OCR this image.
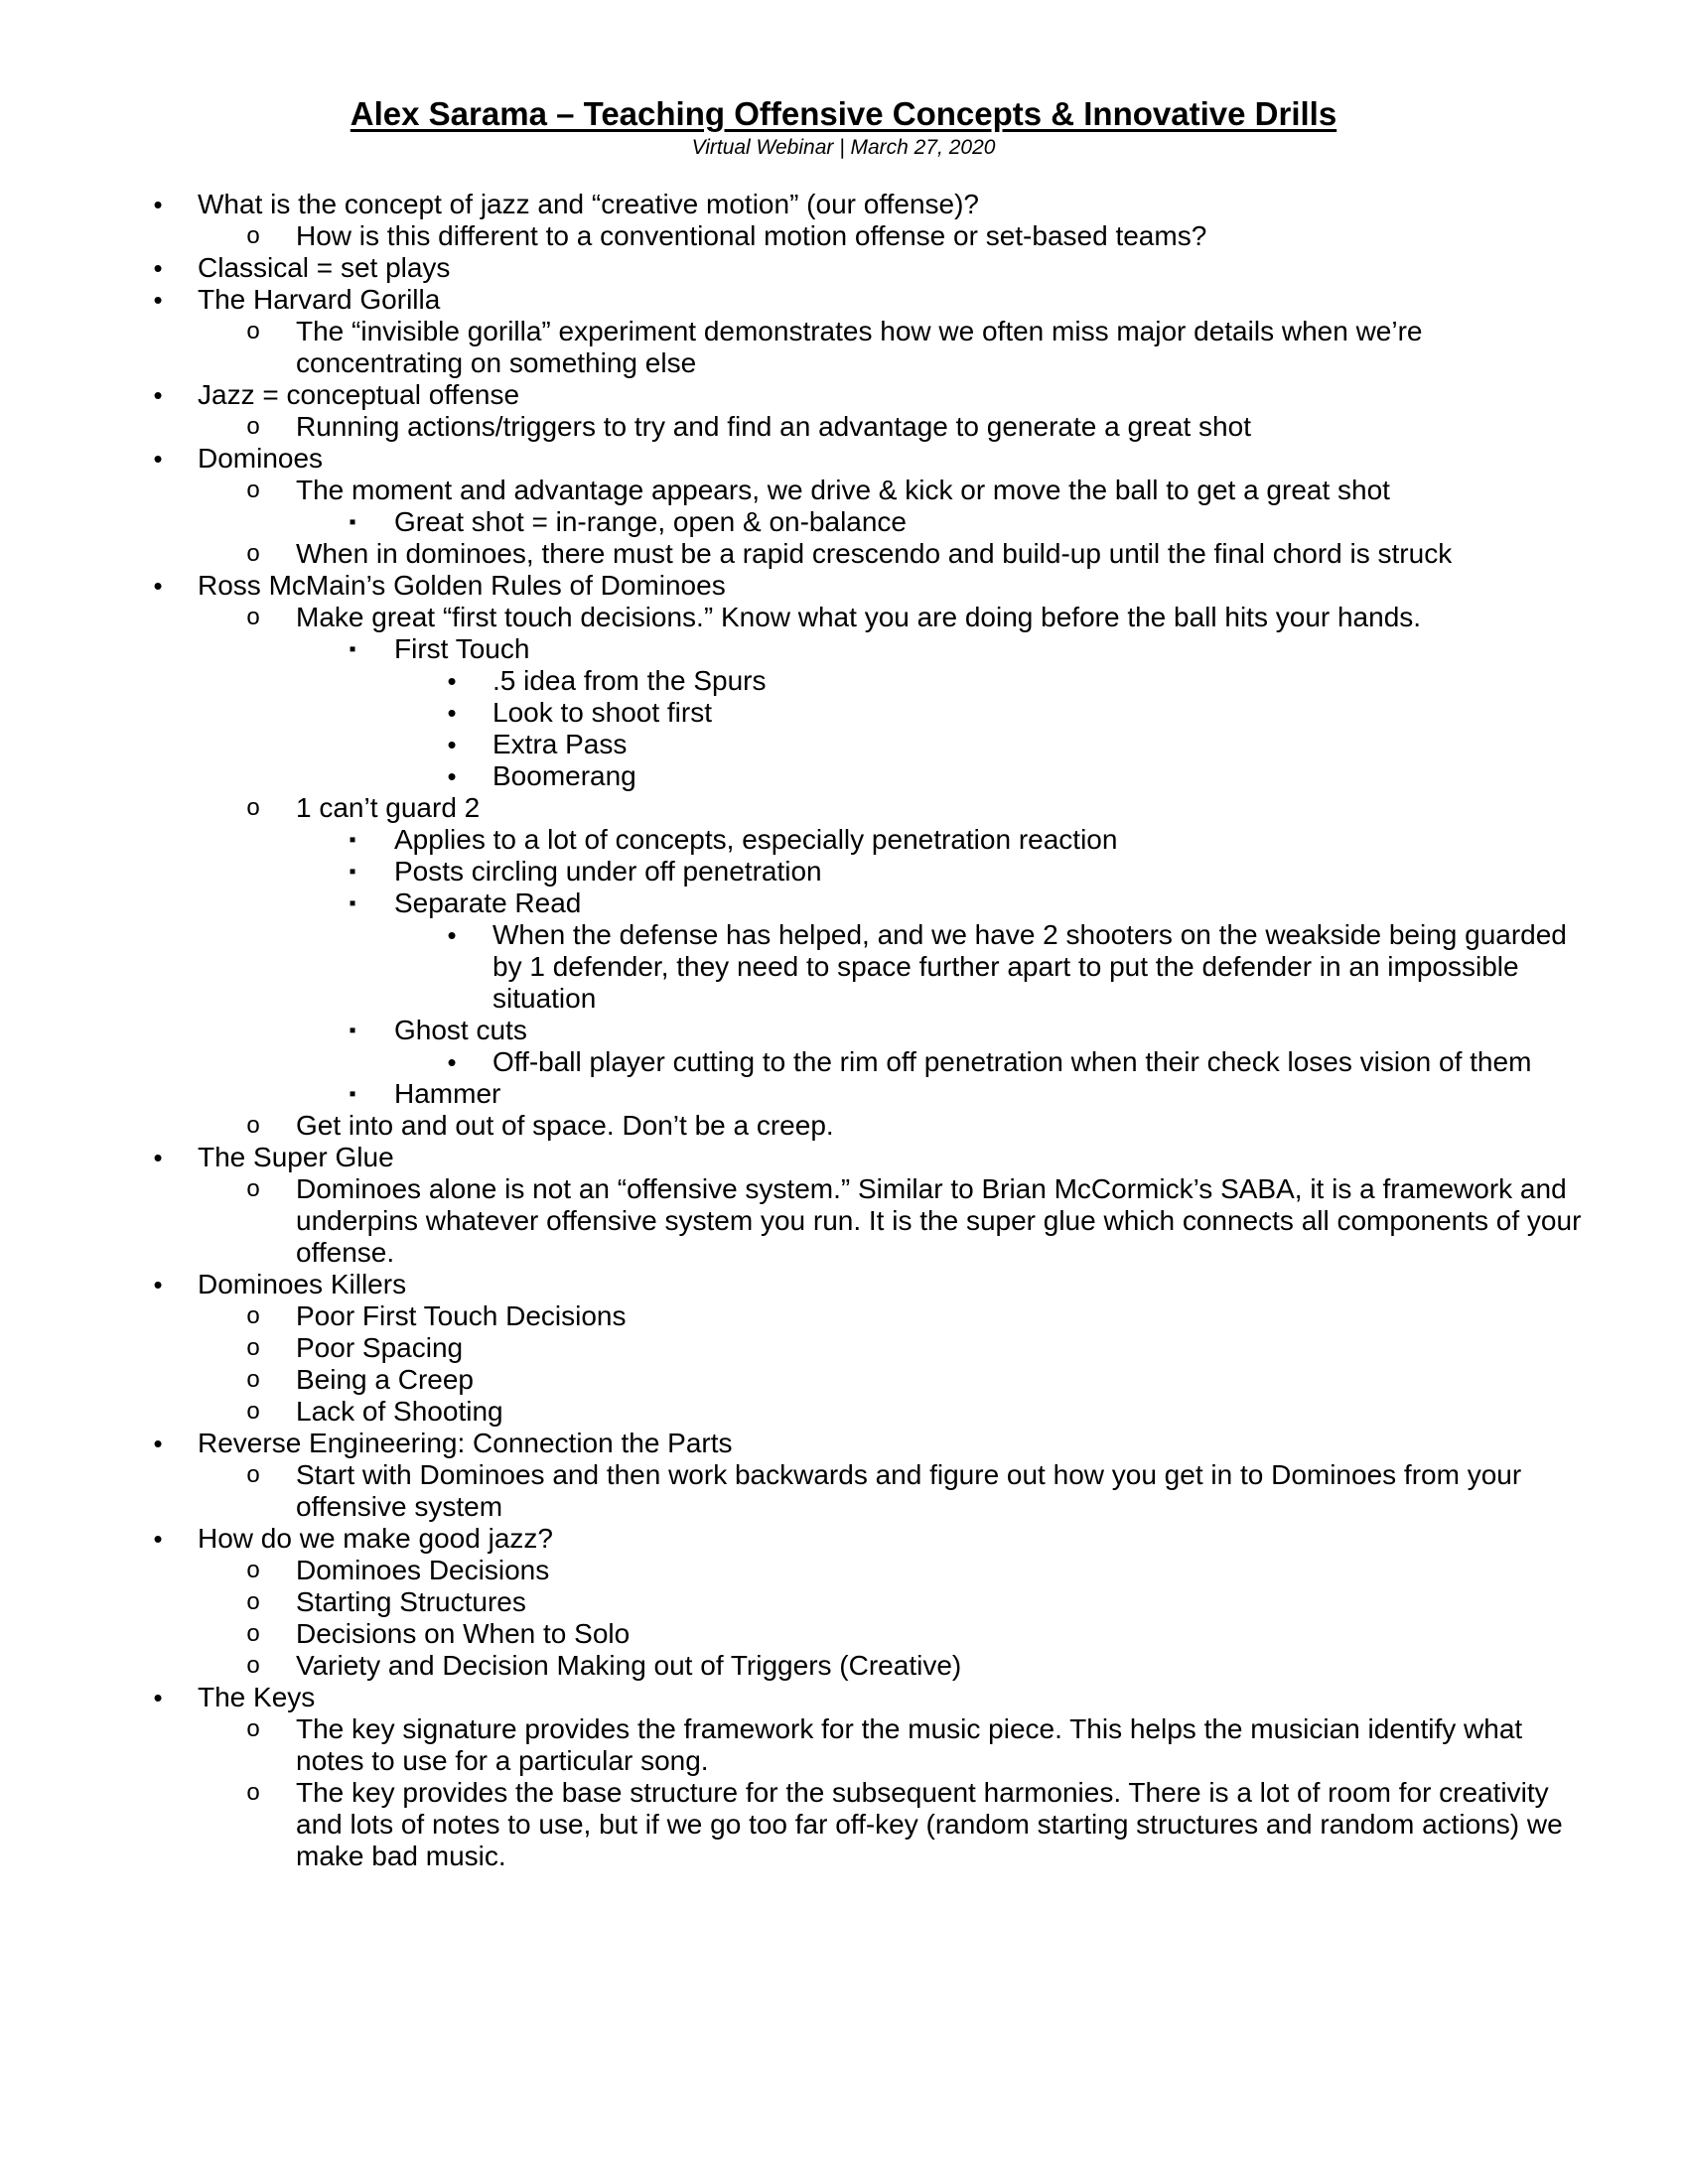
Alex Sarama – Teaching Offensive Concepts & Innovative Drills

Virtual Webinar | March 27, 2020

•	What is the concept of jazz and “creative motion” (our offense)?
o How is this different to a conventional motion offense or set-based teams?
•	Classical = set plays
•	The Harvard Gorilla
o The “invisible gorilla” experiment demonstrates how we often miss major details when we’re concentrating on something else
•	Jazz = conceptual offense
o Running actions/triggers to try and find an advantage to generate a great shot
•	Dominoes
o The moment and advantage appears, we drive & kick or move the ball to get a great shot
▪	Great shot = in-range, open & on-balance
o When in dominoes, there must be a rapid crescendo and build-up until the final chord is struck
•	Ross McMain’s Golden Rules of Dominoes
o Make great “first touch decisions.” Know what you are doing before the ball hits your hands.
▪	First Touch
•	.5 idea from the Spurs
•	Look to shoot first
•	Extra Pass
•	Boomerang
o 1 can’t guard 2
▪	Applies to a lot of concepts, especially penetration reaction
▪	Posts circling under off penetration
▪	Separate Read
•	When the defense has helped, and we have 2 shooters on the weakside being guarded by 1 defender, they need to space further apart to put the defender in an impossible situation
▪	Ghost cuts
•	Off-ball player cutting to the rim off penetration when their check loses vision of them
▪	Hammer
o Get into and out of space. Don’t be a creep.
•	The Super Glue
o Dominoes alone is not an “offensive system.” Similar to Brian McCormick’s SABA, it is a framework and underpins whatever offensive system you run. It is the super glue which connects all components of your offense.
•	Dominoes Killers
o Poor First Touch Decisions
o Poor Spacing
o Being a Creep
o Lack of Shooting
•	Reverse Engineering: Connection the Parts
o Start with Dominoes and then work backwards and figure out how you get in to Dominoes from your offensive system
•	How do we make good jazz?
o Dominoes Decisions
o Starting Structures
o Decisions on When to Solo
o Variety and Decision Making out of Triggers (Creative)
•	The Keys
o The key signature provides the framework for the music piece. This helps the musician identify what notes to use for a particular song.
o The key provides the base structure for the subsequent harmonies. There is a lot of room for creativity and lots of notes to use, but if we go too far off-key (random starting structures and random actions) we make bad music.
